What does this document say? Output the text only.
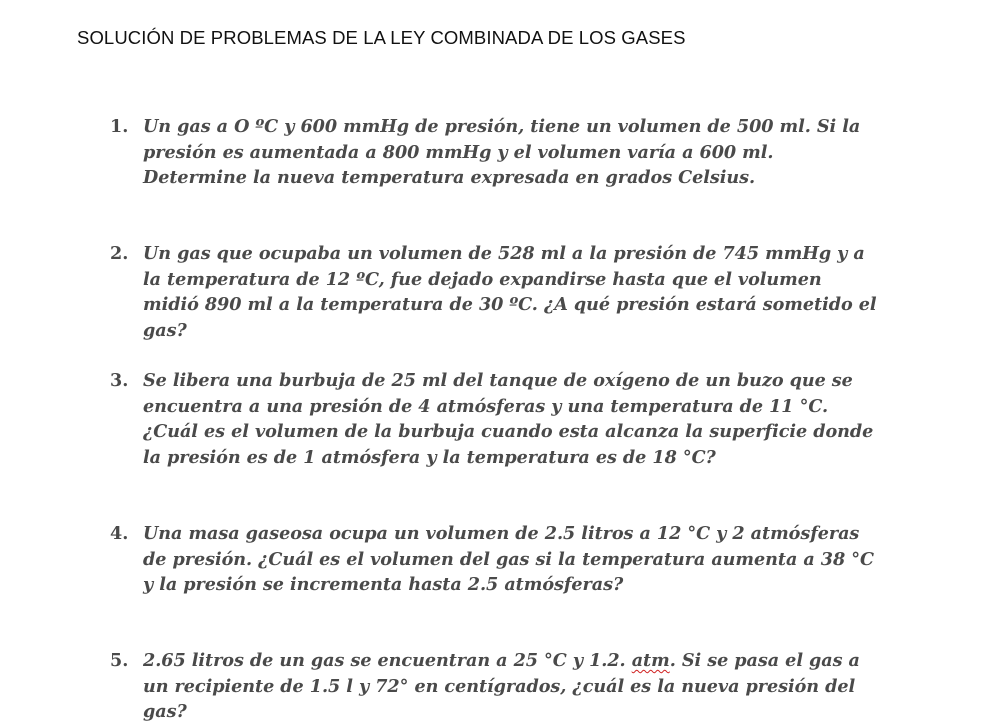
SOLUCIÓN DE PROBLEMAS DE LA LEY COMBINADA DE LOS GASES
1. Un gas a O ºC y 600 mmHg de presión, tiene un volumen de 500 ml. Si la presión es aumentada a 800 mmHg y el volumen varía a 600 ml. Determine la nueva temperatura expresada en grados Celsius.
2. Un gas que ocupaba un volumen de 528 ml a la presión de 745 mmHg y a la temperatura de 12 ºC, fue dejado expandirse hasta que el volumen midió 890 ml a la temperatura de 30 ºC. ¿A qué presión estará sometido el gas?
3. Se libera una burbuja de 25 ml del tanque de oxígeno de un buzo que se encuentra a una presión de 4 atmósferas y una temperatura de 11 °C. ¿Cuál es el volumen de la burbuja cuando esta alcanza la superficie donde la presión es de 1 atmósfera y la temperatura es de 18 °C?
4. Una masa gaseosa ocupa un volumen de 2.5 litros a 12 °C y 2 atmósferas de presión. ¿Cuál es el volumen del gas si la temperatura aumenta a 38 °C y la presión se incrementa hasta 2.5 atmósferas?
5. 2.65 litros de un gas se encuentran a 25 °C y 1.2. atm. Si se pasa el gas a un recipiente de 1.5 l y 72° en centígrados, ¿cuál es la nueva presión del gas?
